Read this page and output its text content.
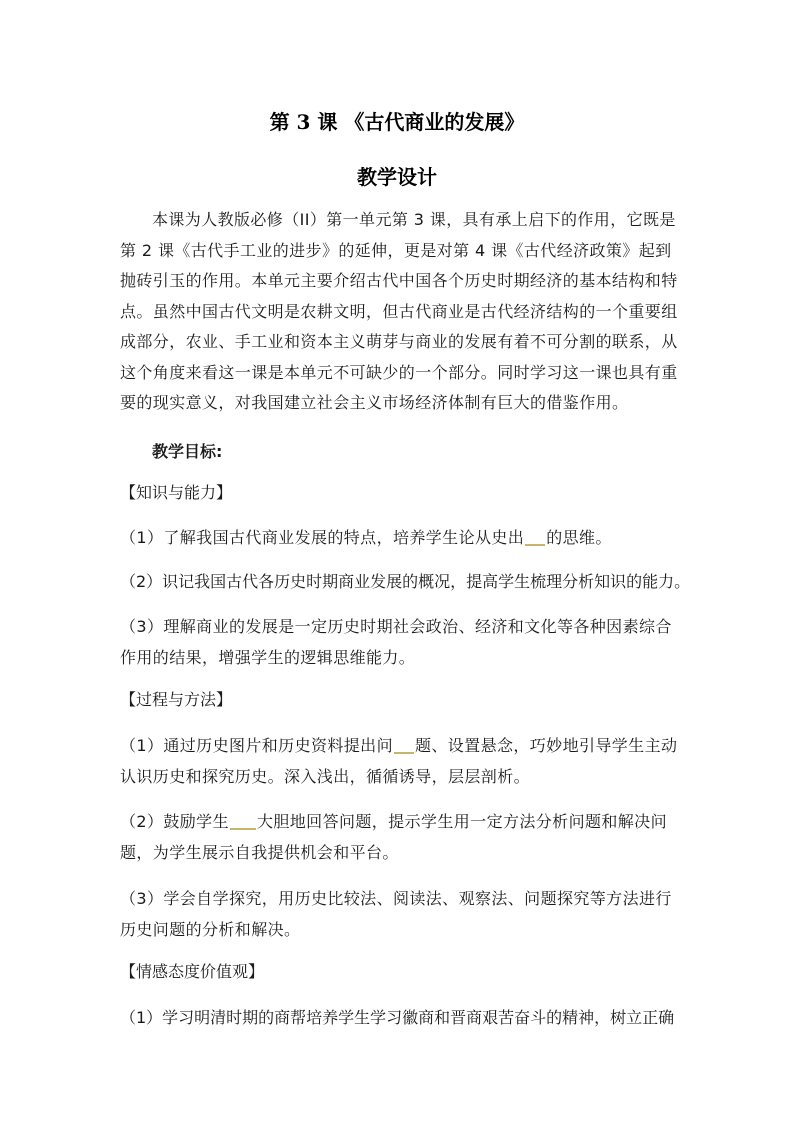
第 3 课 《古代商业的发展》
教学设计
本课为人教版必修（II）第一单元第 3 课，具有承上启下的作用，它既是第 2 课《古代手工业的进步》的延伸，更是对第 4 课《古代经济政策》起到抛砖引玉的作用。本单元主要介绍古代中国各个历史时期经济的基本结构和特点。虽然中国古代文明是农耕文明，但古代商业是古代经济结构的一个重要组成部分，农业、手工业和资本主义萌芽与商业的发展有着不可分割的联系，从这个角度来看这一课是本单元不可缺少的一个部分。同时学习这一课也具有重要的现实意义，对我国建立社会主义市场经济体制有巨大的借鉴作用。
教学目标:
【知识与能力】
（1）了解我国古代商业发展的特点，培养学生论从史出 的思维。
（2）识记我国古代各历史时期商业发展的概况，提高学生梳理分析知识的能力。
（3）理解商业的发展是一定历史时期社会政治、经济和文化等各种因素综合作用的结果，增强学生的逻辑思维能力。
【过程与方法】
（1）通过历史图片和历史资料提出问 题、设置悬念，巧妙地引导学生主动认识历史和探究历史。深入浅出，循循诱导，层层剖析。
（2）鼓励学生 大胆地回答问题，提示学生用一定方法分析问题和解决问题，为学生展示自我提供机会和平台。
（3）学会自学探究，用历史比较法、阅读法、观察法、问题探究等方法进行历史问题的分析和解决。
【情感态度价值观】
（1）学习明清时期的商帮培养学生学习徽商和晋商艰苦奋斗的精神，树立正确
